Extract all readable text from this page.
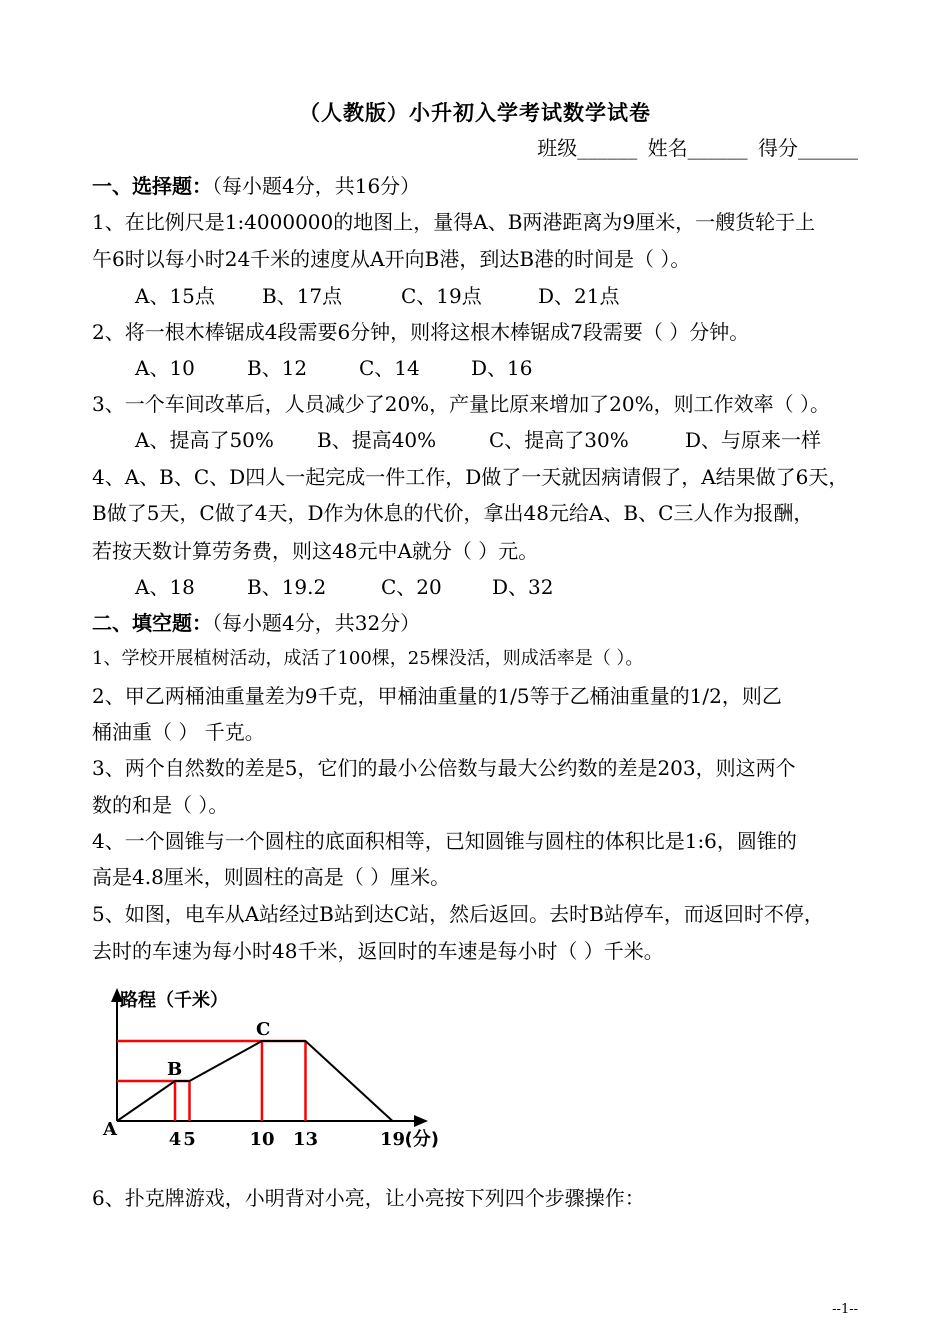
（人教版）小升初入学考试数学试卷
班级______ 姓名______ 得分______
一、选择题：（每小题4分，共16分）
1、在比例尺是1:4000000的地图上，量得A、B两港距离为9厘米，一艘货轮于上
午6时以每小时24千米的速度从A开向B港，到达B港的时间是（ ）。
A、15点 B、17点	C、19点	D、21点
2、将一根木棒锯成4段需要6分钟，则将这根木棒锯成7段需要（ ）分钟。
A、10	B、12	C、14	D、16
3、一个车间改革后，人员减少了20%，产量比原来增加了20%，则工作效率（ ）。
A、提高了50% B、提高40%	C、提高了30%	D、与原来一样
4、A、B、C、D四人一起完成一件工作，D做了一天就因病请假了，A结果做了6天，
B做了5天，C做了4天，D作为休息的代价，拿出48元给A、B、C三人作为报酬，
若按天数计算劳务费，则这48元中A就分（ ）元。
A、18	B、19.2	C、20	D、32
二、填空题：（每小题4分，共32分）
1、学校开展植树活动，成活了100棵，25棵没活，则成活率是（ ）。
2、甲乙两桶油重量差为9千克，甲桶油重量的1/5等于乙桶油重量的1/2，则乙
桶油重（ ） 千克。
3、两个自然数的差是5，它们的最小公倍数与最大公约数的差是203，则这两个
数的和是（ ）。
4、一个圆锥与一个圆柱的底面积相等，已知圆锥与圆柱的体积比是1:6，圆锥的
高是4.8厘米，则圆柱的高是（ ）厘米。
5、如图，电车从A站经过B站到达C站，然后返回。去时B站停车，而返回时不停，
去时的车速为每小时48千米，返回时的车速是每小时（ ）千米。
4 5	10 13	19 (分)
路程（千米）
A
B
C
6、扑克牌游戏，小明背对小亮，让小亮按下列四个步骤操作：
--1--
